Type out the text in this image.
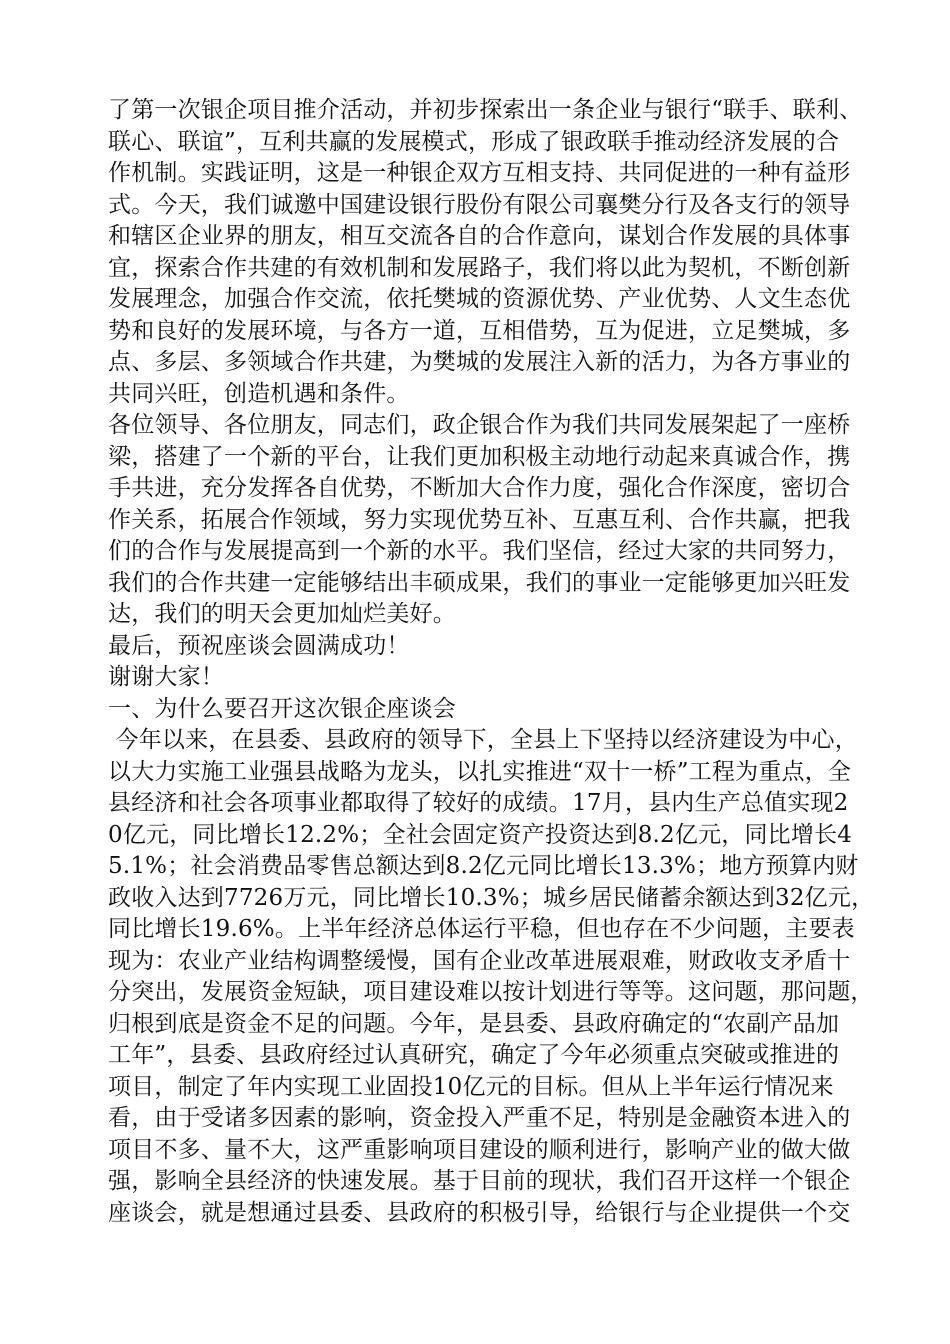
了第一次银企项目推介活动，并初步探索出一条企业与银行“联手、联利、
联心、联谊”，互利共赢的发展模式，形成了银政联手推动经济发展的合
作机制。实践证明，这是一种银企双方互相支持、共同促进的一种有益形
式。今天，我们诚邀中国建设银行股份有限公司襄樊分行及各支行的领导
和辖区企业界的朋友，相互交流各自的合作意向，谋划合作发展的具体事
宜，探索合作共建的有效机制和发展路子，我们将以此为契机，不断创新
发展理念，加强合作交流，依托樊城的资源优势、产业优势、人文生态优
势和良好的发展环境，与各方一道，互相借势，互为促进，立足樊城，多
点、多层、多领域合作共建，为樊城的发展注入新的活力，为各方事业的
共同兴旺，创造机遇和条件。
各位领导、各位朋友，同志们，政企银合作为我们共同发展架起了一座桥
梁，搭建了一个新的平台，让我们更加积极主动地行动起来真诚合作，携
手共进，充分发挥各自优势，不断加大合作力度，强化合作深度，密切合
作关系，拓展合作领域，努力实现优势互补、互惠互利、合作共赢，把我
们的合作与发展提高到一个新的水平。我们坚信，经过大家的共同努力，
我们的合作共建一定能够结出丰硕成果，我们的事业一定能够更加兴旺发
达，我们的明天会更加灿烂美好。
最后，预祝座谈会圆满成功！
谢谢大家！
一、为什么要召开这次银企座谈会
今年以来，在县委、县政府的领导下，全县上下坚持以经济建设为中心，
以大力实施工业强县战略为龙头，以扎实推进“双十一桥”工程为重点，全
县经济和社会各项事业都取得了较好的成绩。17月，县内生产总值实现2
0亿元，同比增长12.2%；全社会固定资产投资达到8.2亿元，同比增长4
5.1%；社会消费品零售总额达到8.2亿元同比增长13.3%；地方预算内财
政收入达到7726万元，同比增长10.3%；城乡居民储蓄余额达到32亿元，
同比增长19.6%。上半年经济总体运行平稳，但也存在不少问题，主要表
现为：农业产业结构调整缓慢，国有企业改革进展艰难，财政收支矛盾十
分突出，发展资金短缺，项目建设难以按计划进行等等。这问题，那问题，
归根到底是资金不足的问题。今年，是县委、县政府确定的“农副产品加
工年”，县委、县政府经过认真研究，确定了今年必须重点突破或推进的
项目，制定了年内实现工业固投10亿元的目标。但从上半年运行情况来
看，由于受诸多因素的影响，资金投入严重不足，特别是金融资本进入的
项目不多、量不大，这严重影响项目建设的顺利进行，影响产业的做大做
强，影响全县经济的快速发展。基于目前的现状，我们召开这样一个银企
座谈会，就是想通过县委、县政府的积极引导，给银行与企业提供一个交
